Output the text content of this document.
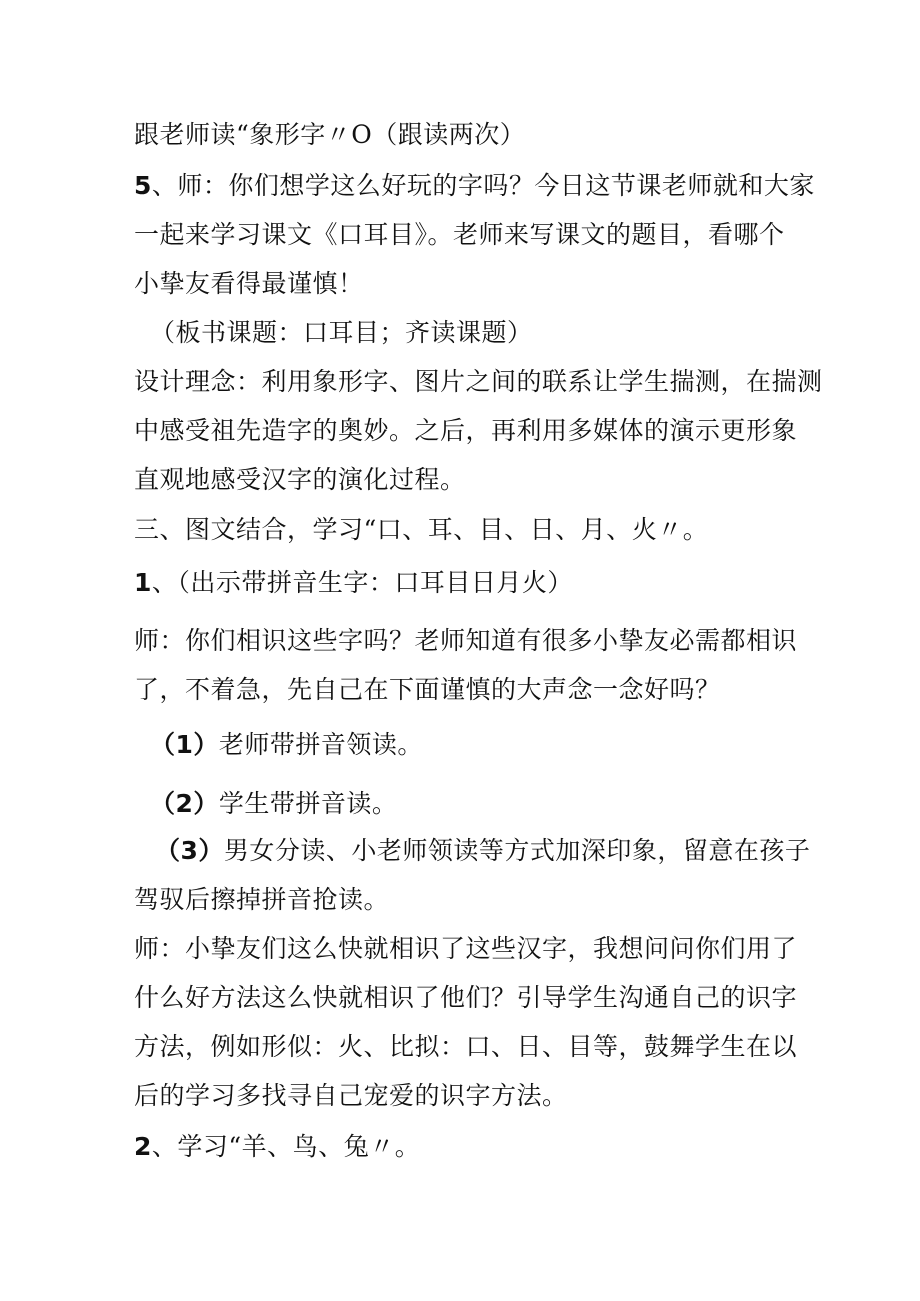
跟老师读“象形字〃O（跟读两次）
5、师：你们想学这么好玩的字吗？今日这节课老师就和大家
一起来学习课文《口耳目》。老师来写课文的题目，看哪个
小挚友看得最谨慎！
（板书课题：口耳目；齐读课题）
设计理念：利用象形字、图片之间的联系让学生揣测，在揣测
中感受祖先造字的奥妙。之后，再利用多媒体的演示更形象
直观地感受汉字的演化过程。
三、图文结合，学习“口、耳、目、日、月、火〃。
1、（出示带拼音生字：口耳目日月火）
师：你们相识这些字吗？老师知道有很多小挚友必需都相识
了，不着急，先自己在下面谨慎的大声念一念好吗？
（1）老师带拼音领读。
（2）学生带拼音读。
（3）男女分读、小老师领读等方式加深印象，留意在孩子
驾驭后擦掉拼音抢读。
师：小挚友们这么快就相识了这些汉字，我想问问你们用了
什么好方法这么快就相识了他们？引导学生沟通自己的识字
方法，例如形似：火、比拟：口、日、目等，鼓舞学生在以
后的学习多找寻自己宠爱的识字方法。
2、学习“羊、鸟、兔〃。
